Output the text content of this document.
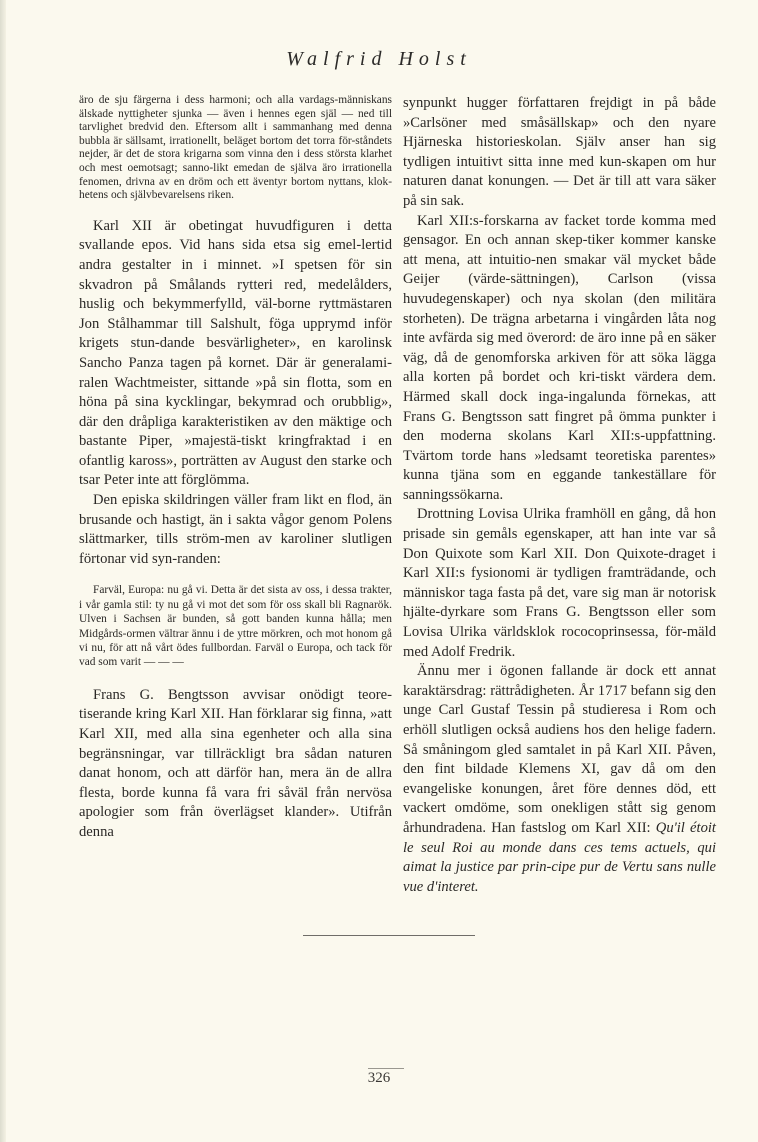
Walfrid Holst

äro de sju färgerna i dess harmoni; och alla vardags-människans älskade nyttigheter sjunka — även i hennes egen själ — ned till tarvlighet bredvid den. Eftersom allt i sammanhang med denna bubbla är sällsamt, irrationellt, beläget bortom det torra för-ståndets nejder, är det de stora krigarna som vinna den i dess största klarhet och mest oemotsagt; sanno-likt emedan de själva äro irrationella fenomen, drivna av en dröm och ett äventyr bortom nyttans, klok-hetens och självbevarelsens riken.

Karl XII är obetingat huvudfiguren i detta svallande epos. Vid hans sida etsa sig emel-lertid andra gestalter in i minnet. »I spetsen för sin skvadron på Smålands rytteri red, medelålders, huslig och bekymmerfylld, väl-borne ryttmästaren Jon Stålhammar till Salshult, föga upprymd inför krigets stun-dande besvärligheter», en karolinsk Sancho Panza tagen på kornet. Där är generalami-ralen Wachtmeister, sittande »på sin flotta, som en höna på sina kycklingar, bekymrad och orubblig», där den dråpliga karakteristiken av den mäktige och bastante Piper, »majestä-tiskt kringfraktad i en ofantlig kaross», porträtten av August den starke och tsar Peter inte att förglömma.

Den episka skildringen väller fram likt en flod, än brusande och hastigt, än i sakta vågor genom Polens slättmarker, tills ström-men av karoliner slutligen förtonar vid syn-randen:

Farväl, Europa: nu gå vi. Detta är det sista av oss, i dessa trakter, i vår gamla stil: ty nu gå vi mot det som för oss skall bli Ragnarök. Ulven i Sachsen är bunden, så gott banden kunna hålla; men Midgårds-ormen vältrar ännu i de yttre mörkren, och mot honom gå vi nu, för att nå vårt ödes fullbordan. Farväl o Europa, och tack för vad som varit — — —

Frans G. Bengtsson avvisar onödigt teore-tiserande kring Karl XII. Han förklarar sig finna, »att Karl XII, med alla sina egenheter och alla sina begränsningar, var tillräckligt bra sådan naturen danat honom, och att därför han, mera än de allra flesta, borde kunna få vara fri såväl från nervösa apologier som från överlägset klander». Utifrån denna

synpunkt hugger författaren frejdigt in på både »Carlsöner med småsällskap» och den nyare Hjärneska historieskolan. Själv anser han sig tydligen intuitivt sitta inne med kun-skapen om hur naturen danat konungen. — Det är till att vara säker på sin sak.

Karl XII:s-forskarna av facket torde komma med gensagor. En och annan skep-tiker kommer kanske att mena, att intuitio-nen smakar väl mycket både Geijer (värde-sättningen), Carlson (vissa huvudegenskaper) och nya skolan (den militära storheten). De trägna arbetarna i vingården låta nog inte avfärda sig med överord: de äro inne på en säker väg, då de genomforska arkiven för att söka lägga alla korten på bordet och kri-tiskt värdera dem. Härmed skall dock inga-ingalunda förnekas, att Frans G. Bengtsson satt fingret på ömma punkter i den moderna skolans Karl XII:s-uppfattning. Tvärtom torde hans »ledsamt teoretiska parentes» kunna tjäna som en eggande tankeställare för sanningssökarna.

Drottning Lovisa Ulrika framhöll en gång, då hon prisade sin gemåls egenskaper, att han inte var så Don Quixote som Karl XII. Don Quixote-draget i Karl XII:s fysionomi är tydligen framträdande, och människor taga fasta på det, vare sig man är notorisk hjälte-dyrkare som Frans G. Bengtsson eller som Lovisa Ulrika världsklok rococoprinsessa, för-mäld med Adolf Fredrik.

Ännu mer i ögonen fallande är dock ett annat karaktärsdrag: rättrådigheten. År 1717 befann sig den unge Carl Gustaf Tessin på studieresa i Rom och erhöll slutligen också audiens hos den helige fadern. Så småningom gled samtalet in på Karl XII. Påven, den fint bildade Klemens XI, gav då om den evangeliske konungen, året före dennes död, ett vackert omdöme, som onekligen stått sig genom århundradena. Han fastslog om Karl XII: Qu'il étoit le seul Roi au monde dans ces tems actuels, qui aimat la justice par prin-cipe pur de Vertu sans nulle vue d'interet.

326
